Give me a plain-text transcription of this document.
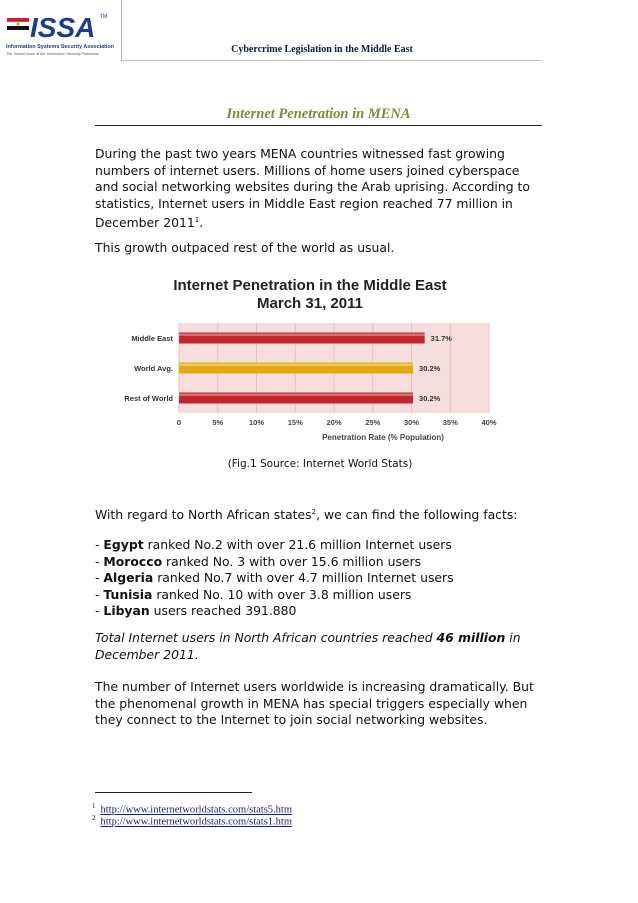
ISSA TM
Information Systems Security Association
The Global Voice of the Information Security Profession	Cybercrime Legislation in the Middle East
Internet Penetration in MENA
During the past two years MENA countries witnessed fast growing numbers of internet users. Millions of home users joined cyberspace and social networking websites during the Arab uprising. According to statistics, Internet users in Middle East region reached 77 million in December 2011$^1$.
This growth outpaced rest of the world as usual.
Internet Penetration in the Middle East
March 31, 2011
Middle East	31.7%
World Avg.	30.2%
Rest of World	30.2%
0	5%	10%	15%	20%	25%	30%	35%	40%
Penetration Rate (% Population)
(Fig.1 Source: Internet World Stats)
With regard to North African states$^2$, we can find the following facts:
- Egypt ranked No.2 with over 21.6 million Internet users
- Morocco ranked No. 3 with over 15.6 million users
- Algeria ranked No.7 with over 4.7 million Internet users
- Tunisia ranked No. 10 with over 3.8 million users
- Libyan users reached 391.880
Total Internet users in North African countries reached 46 million in December 2011.
The number of Internet users worldwide is increasing dramatically. But the phenomenal growth in MENA has special triggers especially when they connect to the Internet to join social networking websites.
$^1$ http://www.internetworldstats.com/stats5.htm
$^2$ http://www.internetworldstats.com/stats1.htm
